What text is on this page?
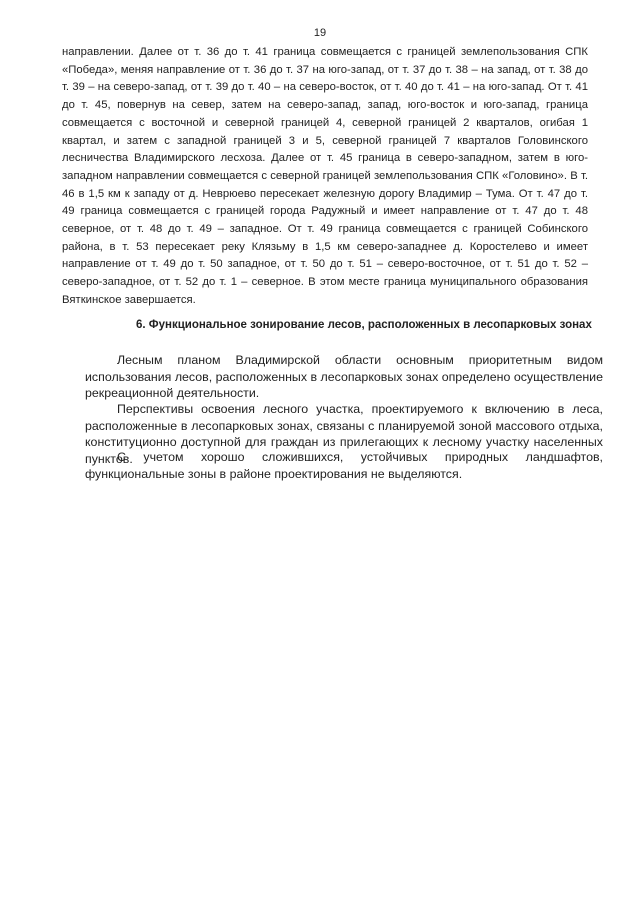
19

направлении. Далее от т. 36 до т. 41 граница совмещается с границей землепользования СПК «Победа», меняя направление от т. 36 до т. 37 на юго-запад, от т. 37 до т. 38 – на запад, от т. 38 до т. 39 – на северо-запад, от т. 39 до т. 40 – на северо-восток, от т. 40 до т. 41 – на юго-запад. От т. 41 до т. 45, повернув на север, затем на северо-запад, запад, юго-восток и юго-запад, граница совмещается с восточной и северной границей 4, северной границей 2 кварталов, огибая 1 квартал, и затем с западной границей 3 и 5, северной границей 7 кварталов Головинского лесничества Владимирского лесхоза. Далее от т. 45 граница в северо-западном, затем в юго-западном направлении совмещается с северной границей землепользования СПК «Головино». В т. 46 в 1,5 км к западу от д. Неврюево пересекает железную дорогу Владимир – Тума. От т. 47 до т. 49 граница совмещается с границей города Радужный и имеет направление от т. 47 до т. 48 северное, от т. 48 до т. 49 – западное. От т. 49 граница совмещается с границей Собинского района, в т. 53 пересекает реку Клязьму в 1,5 км северо-западнее д. Коростелево и имеет направление от т. 49 до т. 50 западное, от т. 50 до т. 51 – северо-восточное, от т. 51 до т. 52 – северо-западное, от т. 52 до т. 1 – северное. В этом месте граница муниципального образования Вяткинское завершается.

6. Функциональное зонирование лесов, расположенных в лесопарковых зонах

Лесным планом Владимирской области основным приоритетным видом использования лесов, расположенных в лесопарковых зонах определено осуществление рекреационной деятельности.

Перспективы освоения лесного участка, проектируемого к включению в леса, расположенные в лесопарковых зонах, связаны с планируемой зоной массового отдыха, конституционно доступной для граждан из прилегающих к лесному участку населенных пунктов.

С учетом хорошо сложившихся, устойчивых природных ландшафтов, функциональные зоны в районе проектирования не выделяются.
